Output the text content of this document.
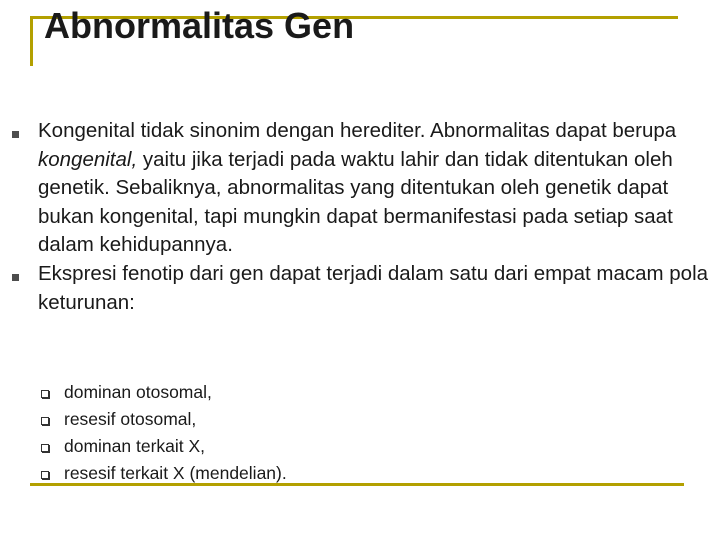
Abnormalitas Gen
Kongenital tidak sinonim dengan herediter. Abnormalitas dapat berupa kongenital, yaitu jika terjadi pada waktu lahir dan tidak ditentukan oleh genetik. Sebaliknya, abnormalitas yang ditentukan oleh genetik dapat bukan kongenital, tapi mungkin dapat bermanifestasi pada setiap saat dalam kehidupannya.
Ekspresi fenotip dari gen dapat terjadi dalam satu dari empat macam pola keturunan:
dominan otosomal,
resesif otosomal,
dominan terkait X,
resesif terkait X (mendelian).
